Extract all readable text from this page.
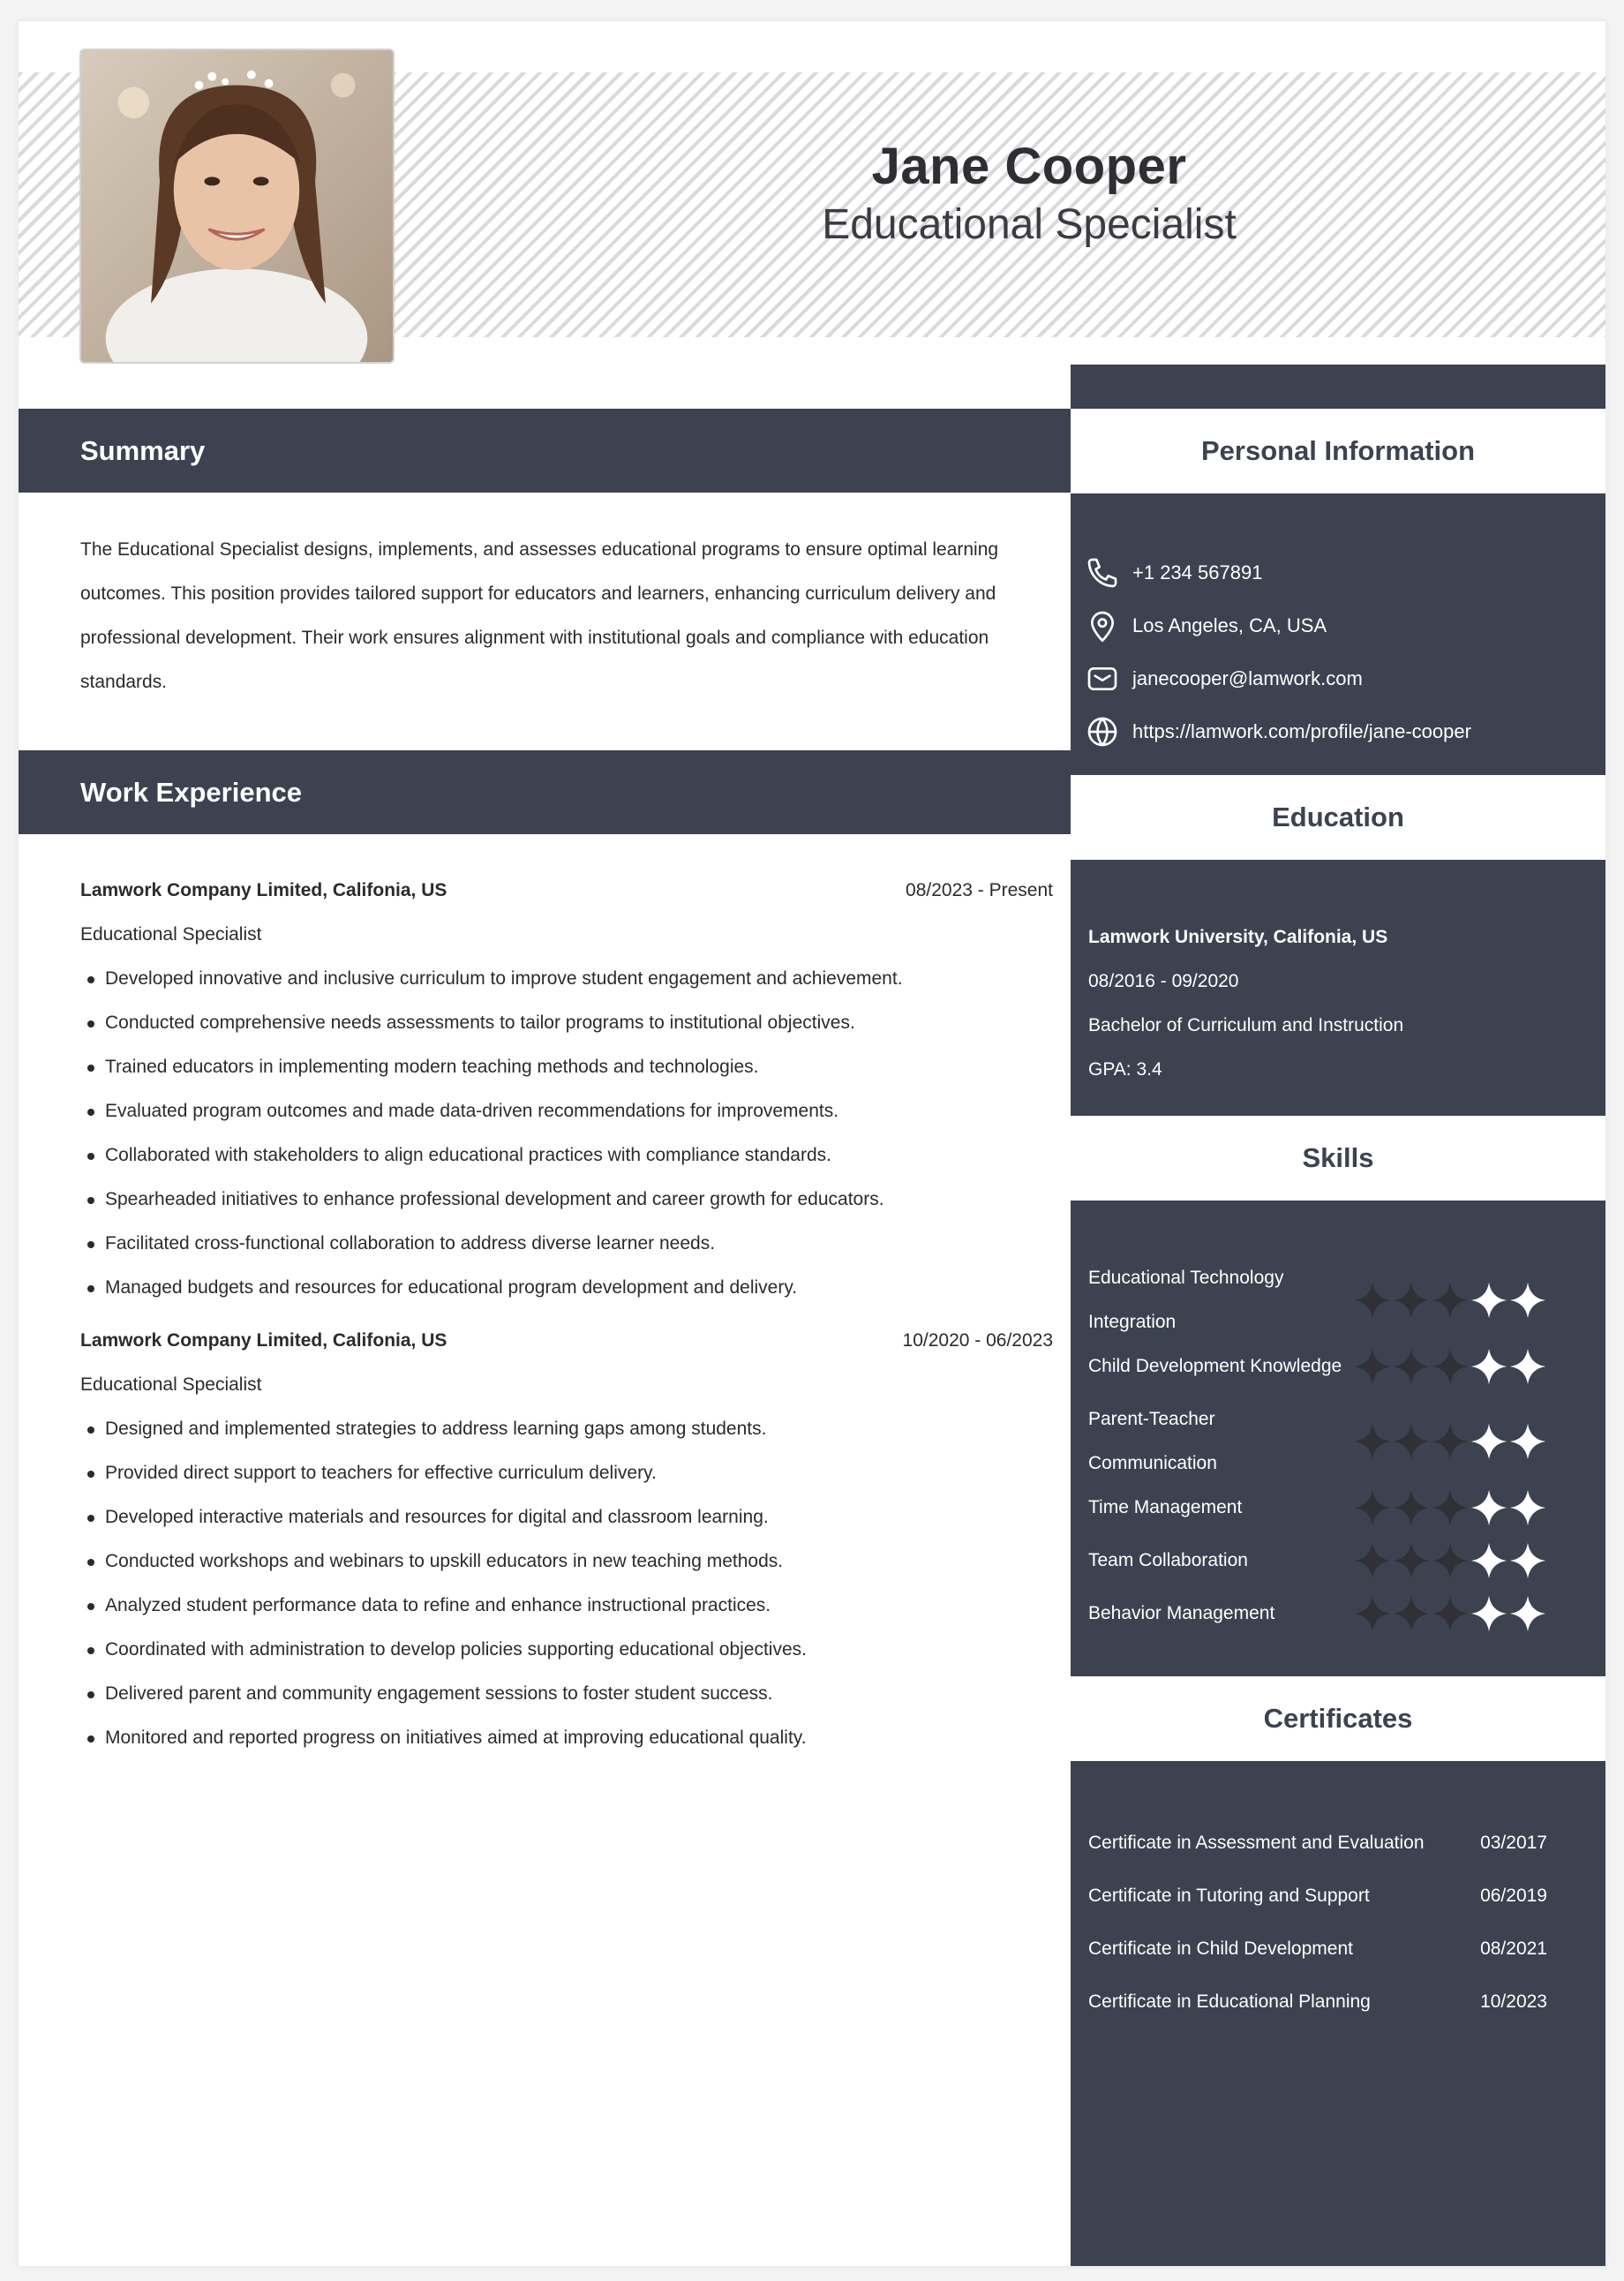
Jane Cooper
Educational Specialist
Summary
The Educational Specialist designs, implements, and assesses educational programs to ensure optimal learning
outcomes. This position provides tailored support for educators and learners, enhancing curriculum delivery and
professional development. Their work ensures alignment with institutional goals and compliance with education
standards.
Work Experience
Lamwork Company Limited, Califonia, US	08/2023 - Present
Educational Specialist
Developed innovative and inclusive curriculum to improve student engagement and achievement.
Conducted comprehensive needs assessments to tailor programs to institutional objectives.
Trained educators in implementing modern teaching methods and technologies.
Evaluated program outcomes and made data-driven recommendations for improvements.
Collaborated with stakeholders to align educational practices with compliance standards.
Spearheaded initiatives to enhance professional development and career growth for educators.
Facilitated cross-functional collaboration to address diverse learner needs.
Managed budgets and resources for educational program development and delivery.
Lamwork Company Limited, Califonia, US	10/2020 - 06/2023
Educational Specialist
Designed and implemented strategies to address learning gaps among students.
Provided direct support to teachers for effective curriculum delivery.
Developed interactive materials and resources for digital and classroom learning.
Conducted workshops and webinars to upskill educators in new teaching methods.
Analyzed student performance data to refine and enhance instructional practices.
Coordinated with administration to develop policies supporting educational objectives.
Delivered parent and community engagement sessions to foster student success.
Monitored and reported progress on initiatives aimed at improving educational quality.
Personal Information
+1 234 567891
Los Angeles, CA, USA
janecooper@lamwork.com
https://lamwork.com/profile/jane-cooper
Education
Lamwork University, Califonia, US
08/2016 - 09/2020
Bachelor of Curriculum and Instruction
GPA: 3.4
Skills
Educational Technology
Integration
Child Development Knowledge
Parent-Teacher
Communication
Time Management
Team Collaboration
Behavior Management
Certificates
Certificate in Assessment and Evaluation	03/2017
Certificate in Tutoring and Support	06/2019
Certificate in Child Development	08/2021
Certificate in Educational Planning	10/2023
